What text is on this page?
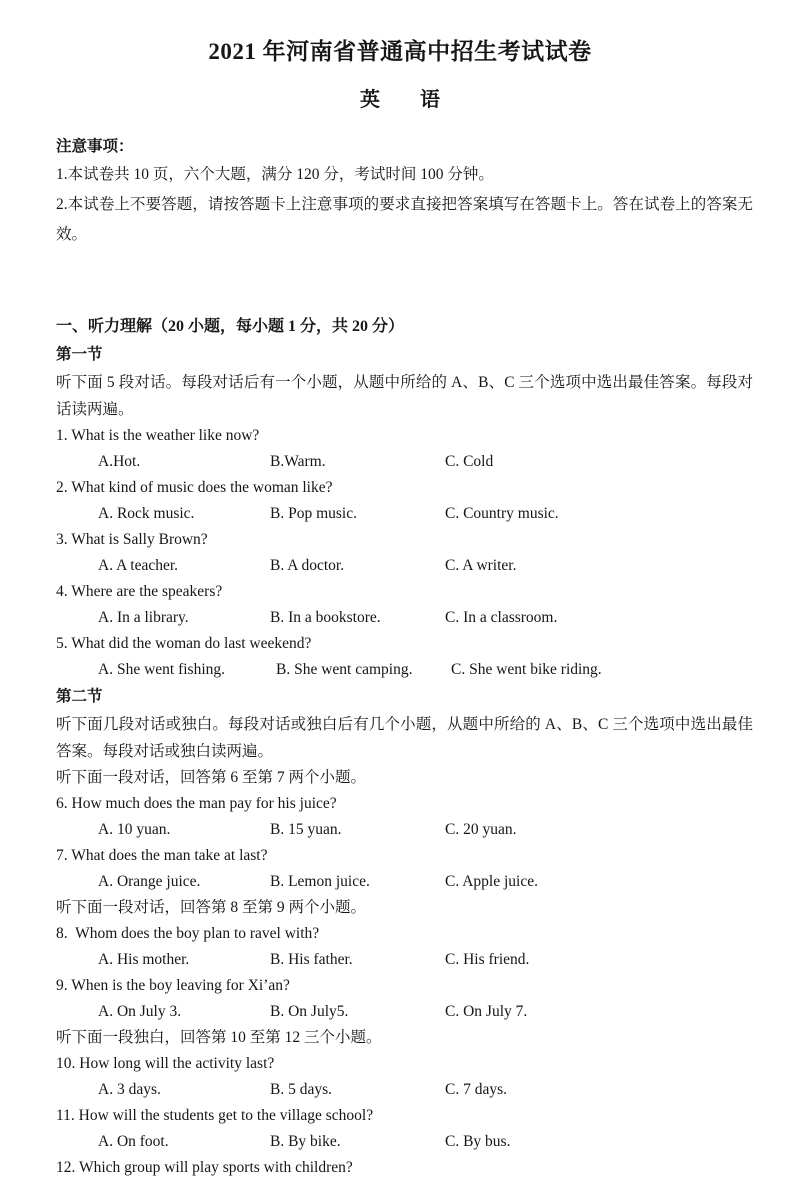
2021 年河南省普通高中招生考试试卷
英　语
注意事项：
1.本试卷共 10 页，六个大题，满分 120 分，考试时间 100 分钟。
2.本试卷上不要答题，请按答题卡上注意事项的要求直接把答案填写在答题卡上。答在试卷上的答案无效。
一、听力理解（20 小题，每小题 1 分，共 20 分）
第一节
听下面 5 段对话。每段对话后有一个小题，从题中所给的 A、B、C 三个选项中选出最佳答案。每段对话读两遍。
1. What is the weather like now?
A.Hot.	B.Warm.	C. Cold
2. What kind of music does the woman like?
A. Rock music.	B. Pop music.	C. Country music.
3. What is Sally Brown?
A. A teacher.	B. A doctor.	C. A writer.
4. Where are the speakers?
A. In a library.	B. In a bookstore.	C. In a classroom.
5. What did the woman do last weekend?
A. She went fishing.	B. She went camping. C. She went bike riding.
第二节
听下面几段对话或独白。每段对话或独白后有几个小题，从题中所给的 A、B、C 三个选项中选出最佳答案。每段对话或独白读两遍。
听下面一段对话，回答第 6 至第 7 两个小题。
6. How much does the man pay for his juice?
A. 10 yuan.	B. 15 yuan.	C. 20 yuan.
7. What does the man take at last?
A. Orange juice.	B. Lemon juice.	C. Apple juice.
听下面一段对话，回答第 8 至第 9 两个小题。
8.  Whom does the boy plan to ravel with?
A. His mother.	B. His father.	C. His friend.
9. When is the boy leaving for Xi’an?
A. On July 3.	B. On July5.	C. On July 7.
听下面一段独白，回答第 10 至第 12 三个小题。
10. How long will the activity last?
A. 3 days.	B. 5 days.	C. 7 days.
11. How will the students get to the village school?
A. On foot.	B. By bike.	C. By bus.
12. Which group will play sports with children?
